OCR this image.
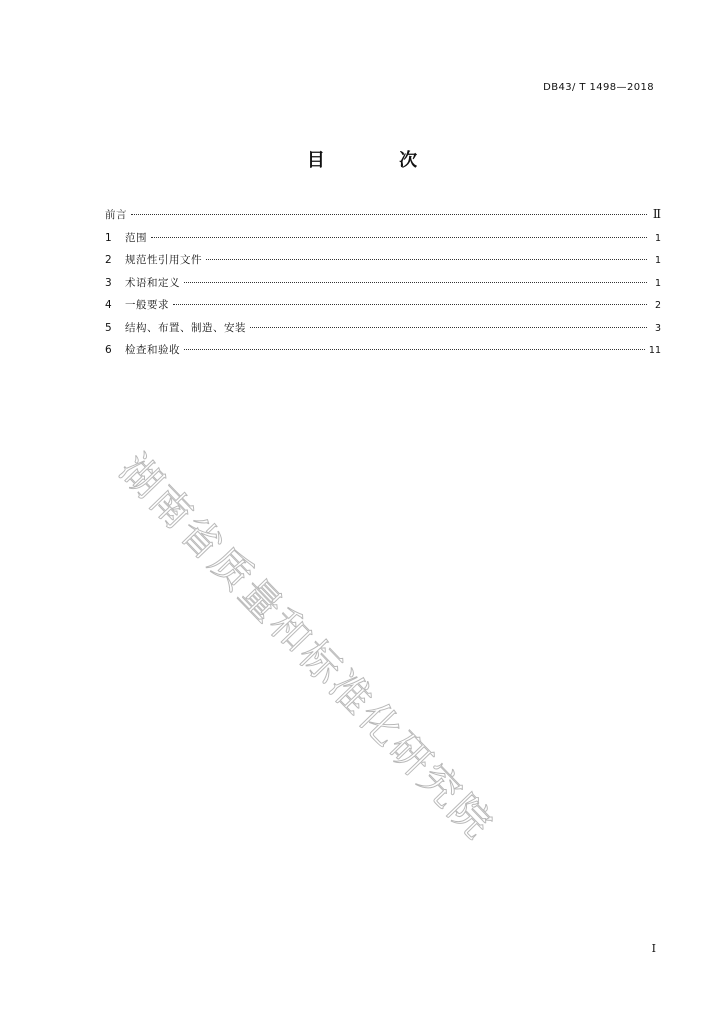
DB43/ T 1498—2018
目 次
前言	Ⅱ
1	范围	1
2	规范性引用文件	1
3	术语和定义	1
4	一般要求	2
5	结构、布置、制造、安装	3
6	检查和验收	11
湖南省质量和标准化研究院
I
